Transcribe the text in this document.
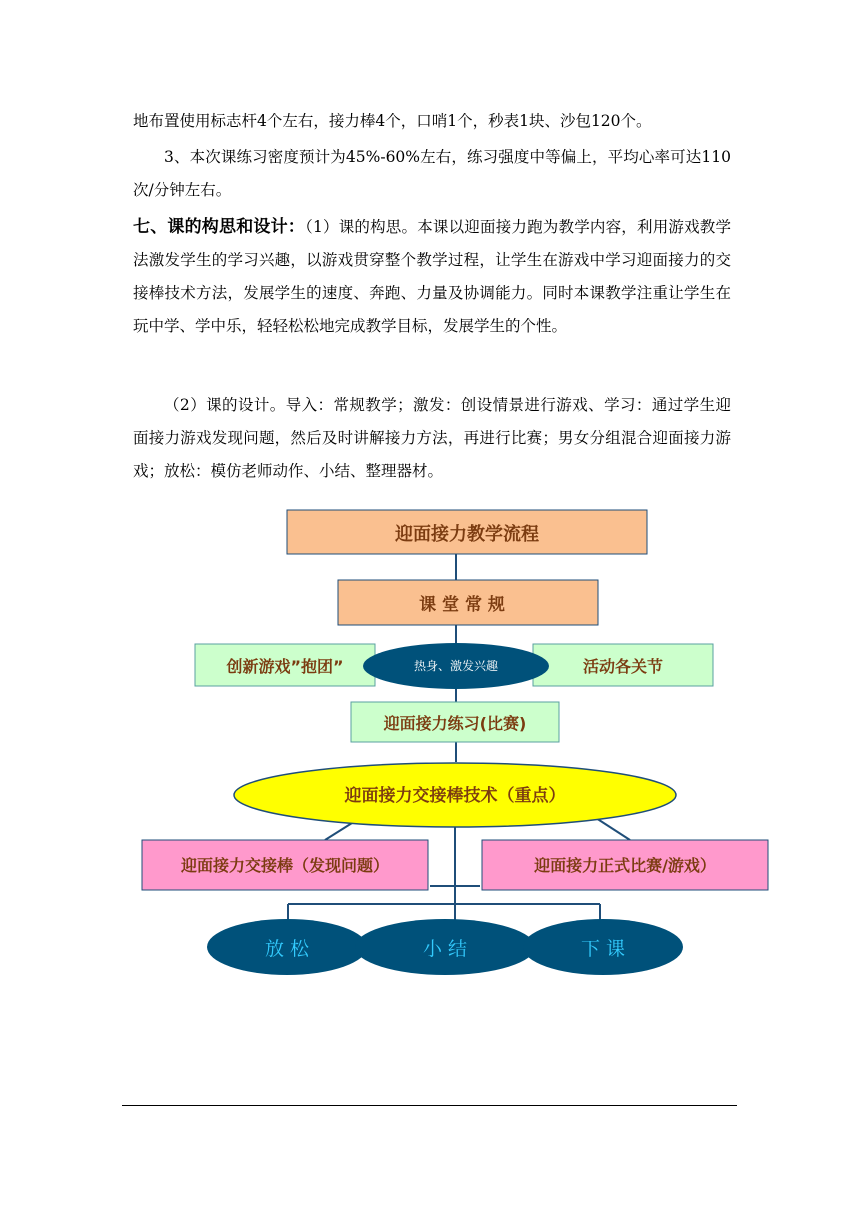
地布置使用标志杆4个左右，接力棒4个，口哨1个，秒表1块、沙包120个。

3、本次课练习密度预计为45%-60%左右，练习强度中等偏上，平均心率可达110次/分钟左右。

七、课的构思和设计：（1）课的构思。本课以迎面接力跑为教学内容，利用游戏教学法激发学生的学习兴趣，以游戏贯穿整个教学过程，让学生在游戏中学习迎面接力的交接棒技术方法，发展学生的速度、奔跑、力量及协调能力。同时本课教学注重让学生在玩中学、学中乐，轻轻松松地完成教学目标，发展学生的个性。

（2）课的设计。导入：常规教学；激发：创设情景进行游戏、学习：通过学生迎面接力游戏发现问题，然后及时讲解接力方法，再进行比赛；男女分组混合迎面接力游戏；放松：模仿老师动作、小结、整理器材。

迎面接力教学流程
课 堂 常 规
创新游戏”抱团”	活动各关节
热身、激发兴趣
迎面接力练习(比赛)
迎面接力交接棒技术（重点）
迎面接力交接棒（发现问题）	迎面接力正式比赛/游戏）
放 松	小 结	下 课
